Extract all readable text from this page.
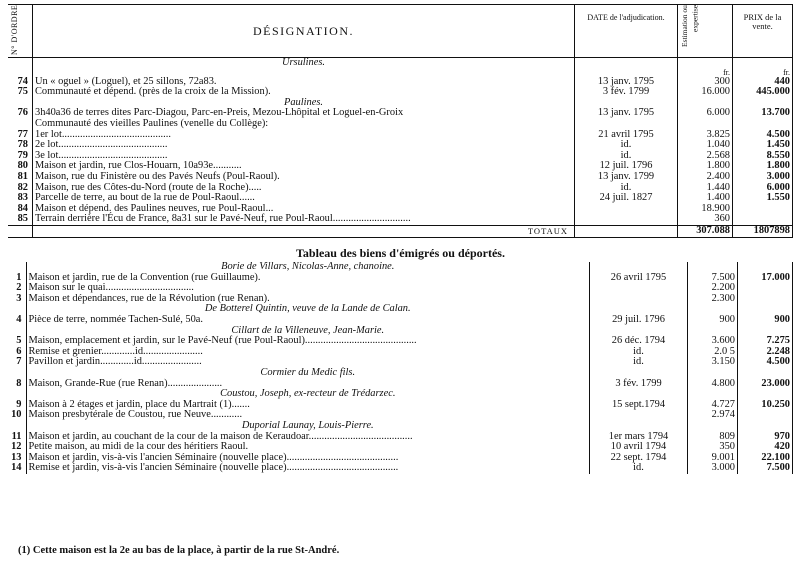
N° D'ORDRE	DÉSIGNATION.	DATE de l'adjudication.	Estimation ou expertise	PRIX de la vente.
	Ursulines.			
			fr.	fr.
74	Un « oguel » (Loguel), et 25 sillons, 72a83.	13 janv. 1795	300	440
75	Communauté et dépend. (près de la croix de la Mission).	3 fév. 1799	16.000	445.000
	Paulines.			
76	3h40a36 de terres dites Parc-Diagou, Parc-en-Preis, Mezou-Lhôpital et Loguel-en-Groix	13 janv. 1795	6.000	13.700
	Communauté des vieilles Paulines (venelle du Collège):			
77	1er lot..........................................	21 avril 1795	3.825	4.500
78	2e lot..........................................	id.	1.040	1.450
79	3e lot..........................................	id.	2.568	8.550
80	Maison et jardin, rue Clos-Houarn, 10a93e...........	12 juil. 1796	1.800	1.800
81	Maison, rue du Finistère ou des Pavés Neufs (Poul-Raoul).	13 janv. 1799	2.400	3.000
82	Maison, rue des Côtes-du-Nord (route de la Roche).....	id.	1.440	6.000
83	Parcelle de terre, au bout de la rue de Poul-Raoul......	24 juil. 1827	1.400	1.550
84	Maison et dépend. des Paulines neuves, rue Poul-Raoul...		18.900	
85	Terrain derrière l'Écu de France, 8a31 sur le Pavé-Neuf, rue Poul-Raoul..............................		360	
	TOTAUX		307.088	1807898
Tableau des biens d'émigrés ou déportés.
	Borie de Villars, Nicolas-Anne, chanoine.			
1	Maison et jardin, rue de la Convention (rue Guillaume).	26 avril 1795	7.500	17.000
2	Maison sur le quai..................................		2.200	
3	Maison et dépendances, rue de la Révolution (rue Renan).		2.300	
	De Botterel Quintin, veuve de la Lande de Calan.			
4	Pièce de terre, nommée Tachen-Sulé, 50a.	29 juil. 1796	900	900
	Cillart de la Villeneuve, Jean-Marie.			
5	Maison, emplacement et jardin, sur le Pavé-Neuf (rue Poul-Raoul)...........................................	26 déc. 1794	3.600	7.275
6	Remise et grenier.............id.......................	id.	2.0 5	2.248
7	Pavillon et jardin.............id.......................	id.	3.150	4.500
	Cormier du Medic fils.			
8	Maison, Grande-Rue (rue Renan).....................	3 fév. 1799	4.800	23.000
	Coustou, Joseph, ex-recteur de Trédarzec.			
9	Maison à 2 étages et jardin, place du Martrait (1).......	15 sept.1794	4.727	10.250
10	Maison presbytérale de Coustou, rue Neuve............		2.974	
	Duporial Launay, Louis-Pierre.			
11	Maison et jardin, au couchant de la cour de la maison de Keraudoar........................................	1er mars 1794	809	970
12	Petite maison, au midi de la cour des héritiers Raoul.	10 avril 1794	350	420
13	Maison et jardin, vis-à-vis l'ancien Séminaire (nouvelle place)...........................................	22 sept. 1794	9.001	22.100
14	Remise et jardin, vis-à-vis l'ancien Séminaire (nouvelle place)...........................................	id.	3.000	7.500
(1) Cette maison est la 2e au bas de la place, à partir de la rue St-André.
